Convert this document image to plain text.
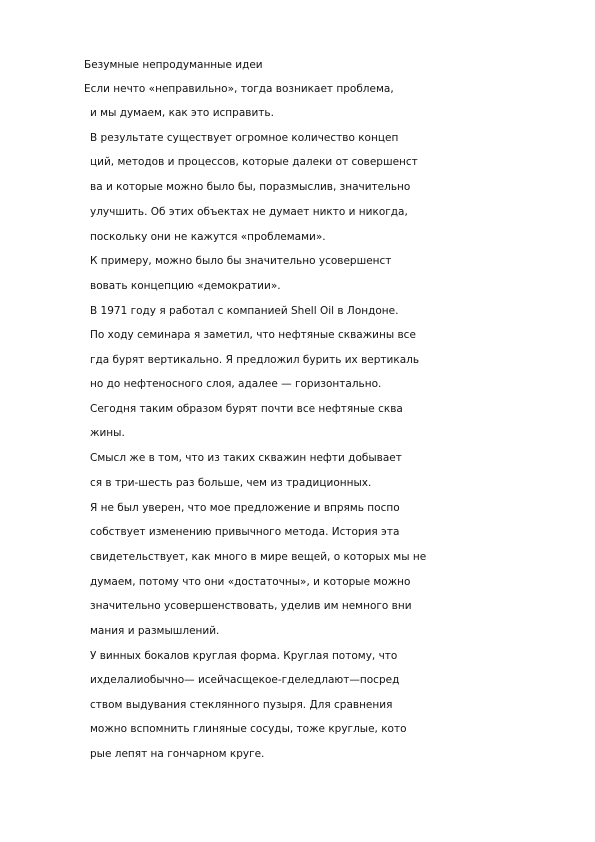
Безумные непродуманные идеи
Если нечто «неправильно», тогда возникает проблема,
и мы думаем, как это исправить.
В результате существует огромное количество концеп
ций, методов и процессов, которые далеки от совершенст
ва и которые можно было бы, поразмыслив, значительно
улучшить. Об этих объектах не думает никто и никогда,
поскольку они не кажутся «проблемами».
К примеру, можно было бы значительно усовершенст
вовать концепцию «демократии».
В 1971 году я работал с компанией Shell Oil в Лондоне.
По ходу семинара я заметил, что нефтяные скважины все
гда бурят вертикально. Я предложил бурить их вертикаль
но до нефтеносного слоя, адалее — горизонтально.
Сегодня таким образом бурят почти все нефтяные сква
жины.
Смысл же в том, что из таких скважин нефти добывает
ся в три-шесть раз больше, чем из традиционных.
Я не был уверен, что мое предложение и впрямь поспо
собствует изменению привычного метода. История эта
свидетельствует, как много в мире вещей, о которых мы не
думаем, потому что они «достаточны», и которые можно
значительно усовершенствовать, уделив им немного вни
мания и размышлений.
У винных бокалов круглая форма. Круглая потому, что
иxделалиобычно— исейчасщекое-гделедлают—посред
ством выдувания стеклянного пузыря. Для сравнения
можно вспомнить глиняные сосуды, тоже круглые, кото
рые лепят на гончарном круге.
